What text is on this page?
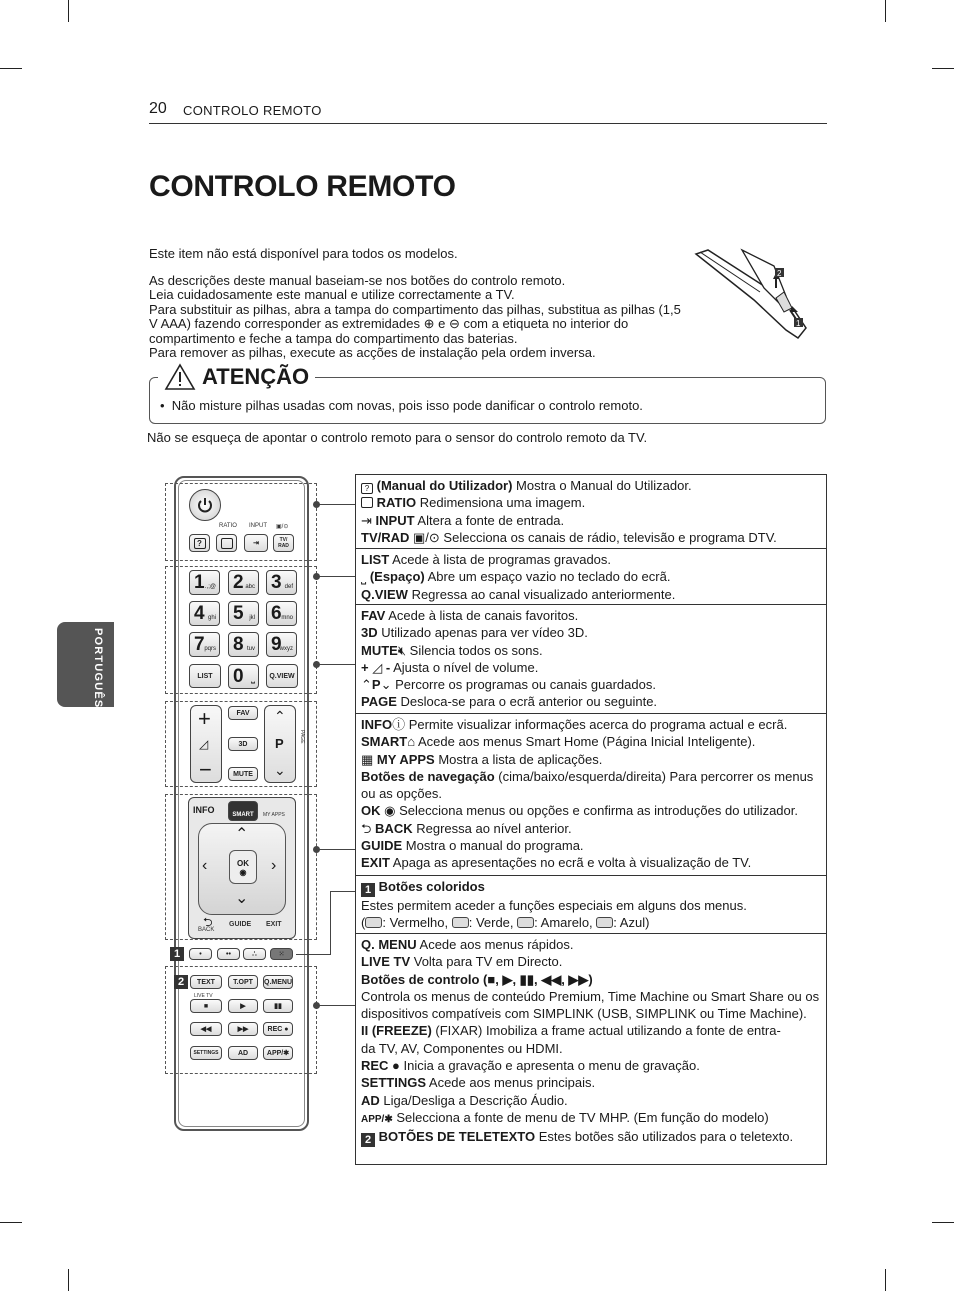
20 CONTROLO REMOTO
CONTROLO REMOTO
PORTUGUÊS

Este item não está disponível para todos os modelos.

As descrições deste manual baseiam-se nos botões do controlo remoto.

Leia cuidadosamente este manual e utilize correctamente a TV.

Para substituir as pilhas, abra a tampa do compartimento das pilhas, substitua as pilhas (1,5 V AAA) fazendo corresponder as extremidades ⊕ e ⊖ com a etiqueta no interior do compartimento e feche a tampa do compartimento das baterias.

Para remover as pilhas, execute as acções de instalação pela ordem inversa.

2
1
ATENÇÃO
•  Não misture pilhas usadas com novas, pois isso pode danificar o controlo remoto.
Não se esqueça de apontar o controlo remoto para o sensor do controlo remoto da TV.
RATIO INPUT ▣/⊙
?	⇥	TV/
RAD
1 .,;@ 2 abc 3 def
4 ghi 5 jkl 6 mno
7 pqrs 8 tuv 9
wxyz
LIST	0 ⎵	Q.VIEW
+
◿
−
FAV
3D
MUTE
⌃
P
⌄
PAGE
INFO	SMART	MY APPS
⌃
‹	›
⌄
OK
◉
BACK
⮌ GUIDE EXIT
1	•	••	∴	⁙
2	TEXT	T.OPT	Q.MENU
LIVE TV
■	▶	▮▮
◀◀	▶▶	REC ●
SETTINGS	AD	APP/✱
? (Manual do Utilizador) Mostra o Manual do Utilizador.
RATIO Redimensiona uma imagem.
⇥ INPUT Altera a fonte de entrada.
TV/RAD ▣/⊙ Selecciona os canais de rádio, televisão e programa DTV.
LIST Acede à lista de programas gravados.
⎵ (Espaço) Abre um espaço vazio no teclado do ecrã.
Q.VIEW Regressa ao canal visualizado anteriormente.
FAV Acede à lista de canais favoritos.
3D Utilizado apenas para ver vídeo 3D.
MUTE🔇︎ Silencia todos os sons.
+ ◿ - Ajusta o nível de volume.
⌃P⌄ Percorre os programas ou canais guardados.
PAGE Desloca-se para o ecrã anterior ou seguinte.
INFOⓘ Permite visualizar informações acerca do programa actual e ecrã.
SMART⌂ Acede aos menus Smart Home (Página Inicial Inteligente).
▦ MY APPS Mostra a lista de aplicações.
Botões de navegação (cima/baixo/esquerda/direita) Para percorrer os menus ou as opções.
OK ◉ Selecciona menus ou opções e confirma as introduções do utilizador.
⮌ BACK Regressa ao nível anterior.
GUIDE Mostra o manual do programa.
EXIT Apaga as apresentações no ecrã e volta à visualização de TV.
1 Botões coloridos
Estes permitem aceder a funções especiais em alguns dos menus.
( : Vermelho, : Verde, : Amarelo, : Azul)
Q. MENU Acede aos menus rápidos.
LIVE TV Volta para TV em Directo.
Botões de controlo (■, ▶, ▮▮, ◀◀, ▶▶)
Controla os menus de conteúdo Premium, Time Machine ou Smart Share ou os dispositivos compatíveis com SIMPLINK (USB, SIMPLINK ou Time Machine).
II (FREEZE) (FIXAR) Imobiliza a frame actual utilizando a fonte de entra-
da TV, AV, Componentes ou HDMI.
REC ● Inicia a gravação e apresenta o menu de gravação.
SETTINGS Acede aos menus principais.
AD Liga/Desliga a Descrição Áudio.
APP/✱ Selecciona a fonte de menu de TV MHP. (Em função do modelo)
2 BOTÕES DE TELETEXTO Estes botões são utilizados para o teletexto.
